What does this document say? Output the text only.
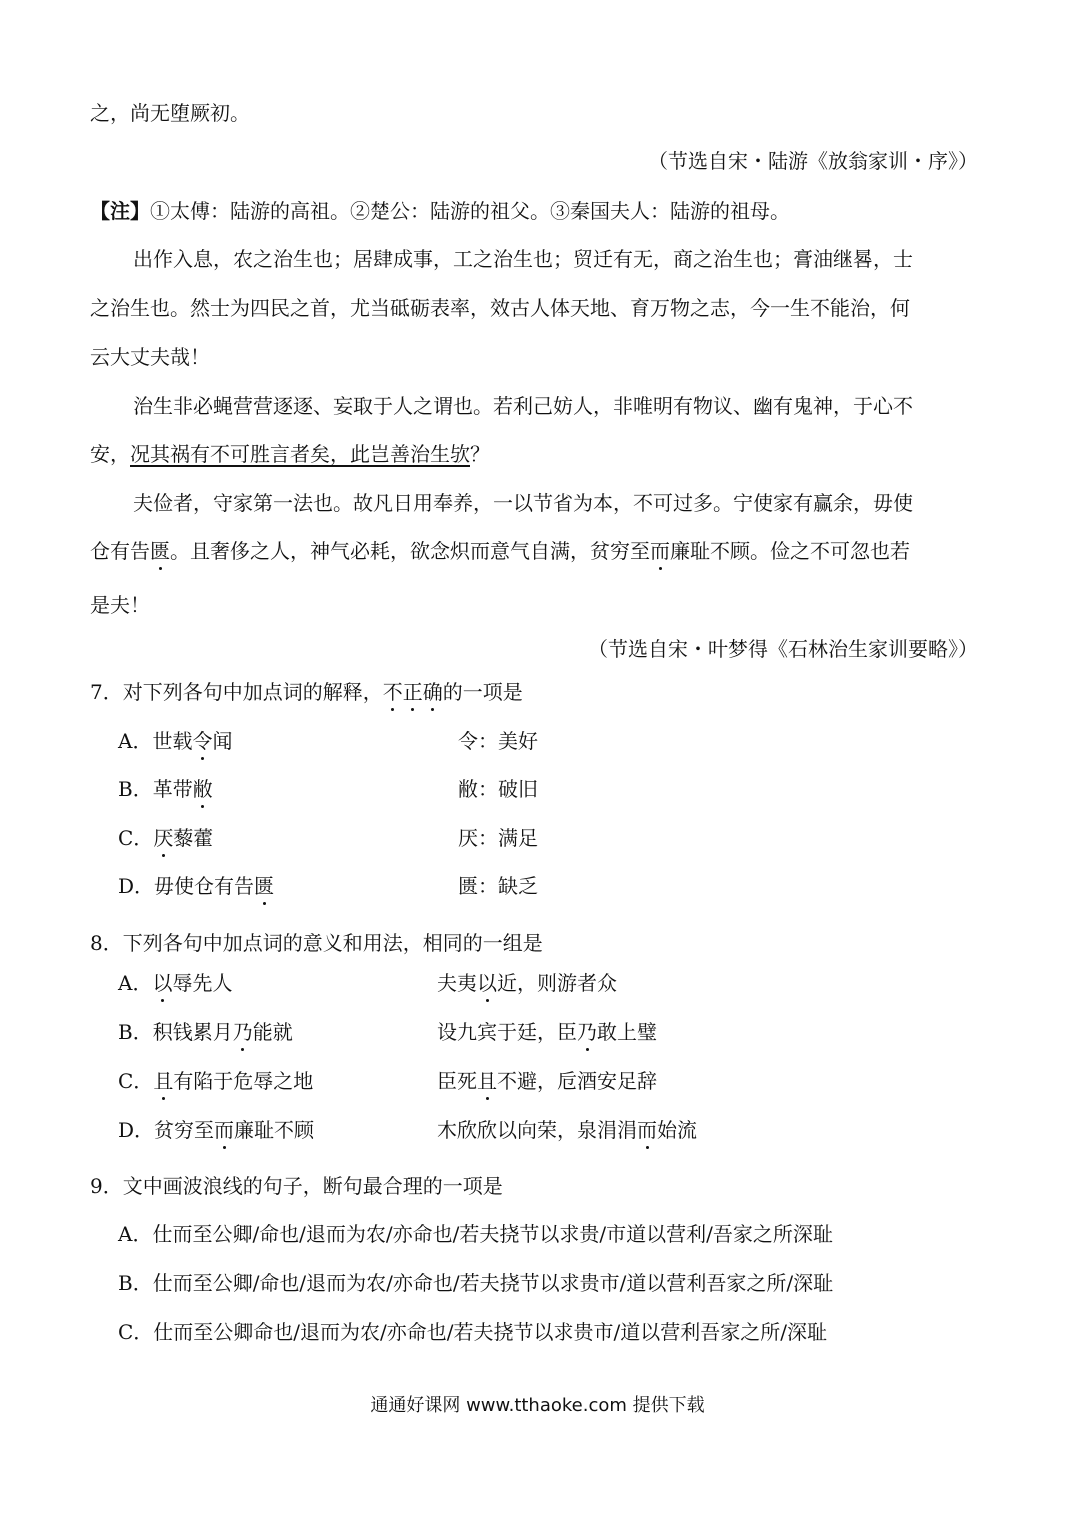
之，尚无堕厥初。
（节选自宋・陆游《放翁家训・序》）
【注】①太傅：陆游的高祖。②楚公：陆游的祖父。③秦国夫人：陆游的祖母。
出作入息，农之治生也；居肆成事，工之治生也；贸迁有无，商之治生也；膏油继晷，士
之治生也。然士为四民之首，尤当砥砺表率，效古人体天地、育万物之志，今一生不能治，何
云大丈夫哉！
治生非必蝇营营逐逐、妄取于人之谓也。若利己妨人，非唯明有物议、幽有鬼神，于心不
安，况其祸有不可胜言者矣，此岂善治生欤？
夫俭者，守家第一法也。故凡日用奉养，一以节省为本，不可过多。宁使家有赢余，毋使
仓有告匮。且奢侈之人，神气必耗，欲念炽而意气自满，贫穷至而廉耻不顾。俭之不可忽也若
是夫！
（节选自宋・叶梦得《石林治生家训要略》）
7．对下列各句中加点词的解释，不正确的一项是
A．世载令闻	令：美好
B．革带敝	敝：破旧
C．厌藜藿	厌：满足
D．毋使仓有告匮	匮：缺乏
8．下列各句中加点词的意义和用法，相同的一组是
A．以辱先人	夫夷以近，则游者众
B．积钱累月乃能就	设九宾于廷，臣乃敢上璧
C．且有陷于危辱之地	臣死且不避，卮酒安足辞
D．贫穷至而廉耻不顾	木欣欣以向荣，泉涓涓而始流
9．文中画波浪线的句子，断句最合理的一项是
A．仕而至公卿/命也/退而为农/亦命也/若夫挠节以求贵/市道以营利/吾家之所深耻
B．仕而至公卿/命也/退而为农/亦命也/若夫挠节以求贵市/道以营利吾家之所/深耻
C．仕而至公卿命也/退而为农/亦命也/若夫挠节以求贵市/道以营利吾家之所/深耻
通通好课网 www.tthaoke.com 提供下载
